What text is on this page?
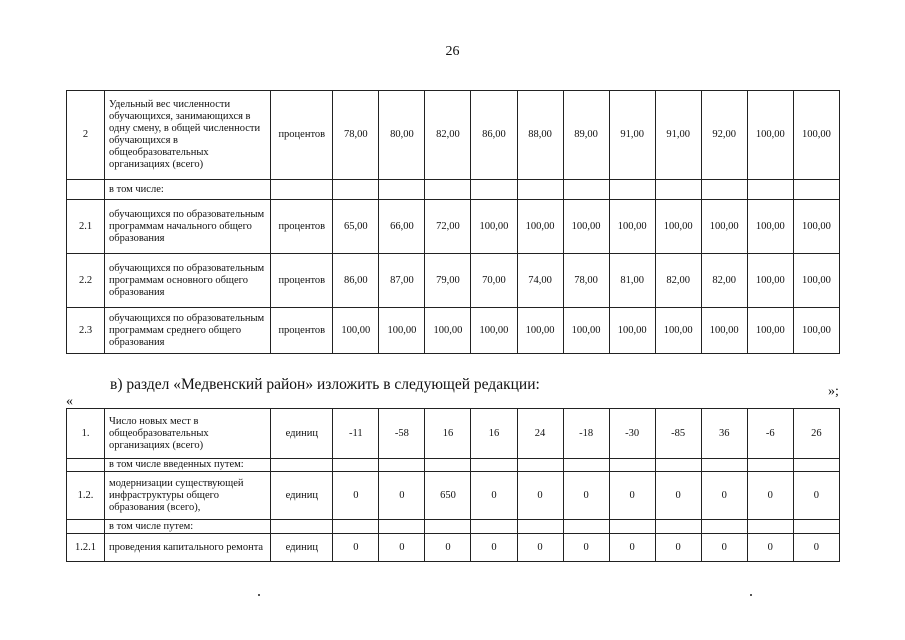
26
2	Удельный вес численности обучающихся, занимающихся в одну смену, в общей численности обучающихся в общеобразовательных организациях (всего)	процентов	78,00	80,00	82,00	86,00	88,00	89,00	91,00	91,00	92,00	100,00	100,00
	в том числе:												
2.1	обучающихся по образовательным программам начального общего образования	процентов	65,00	66,00	72,00	100,00	100,00	100,00	100,00	100,00	100,00	100,00	100,00
2.2	обучающихся по образовательным программам основного общего образования	процентов	86,00	87,00	79,00	70,00	74,00	78,00	81,00	82,00	82,00	100,00	100,00
2.3	обучающихся по образовательным программам среднего общего образования	процентов	100,00	100,00	100,00	100,00	100,00	100,00	100,00	100,00	100,00	100,00	100,00
»;
в) раздел «Медвенский район» изложить в следующей редакции:
«
1.	Число новых мест в общеобразовательных организациях (всего)	единиц	-11	-58	16	16	24	-18	-30	-85	36	-6	26
	в том числе введенных путем:												
1.2.	модернизации существующей инфраструктуры общего образования (всего),	единиц	0	0	650	0	0	0	0	0	0	0	0
	в том числе путем:												
1.2.1	проведения капитального ремонта	единиц	0	0	0	0	0	0	0	0	0	0	0
